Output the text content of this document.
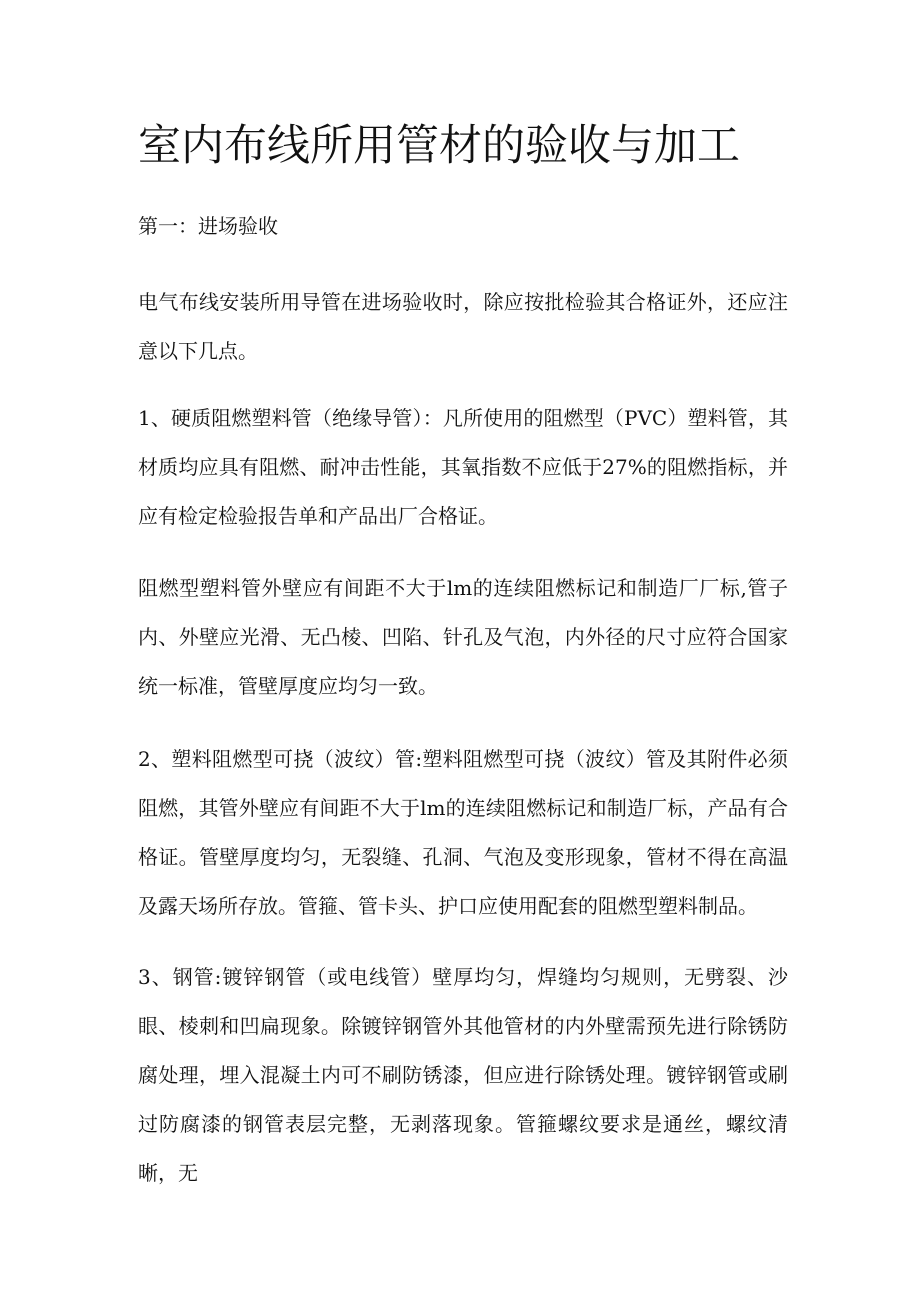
室内布线所用管材的验收与加工

第一：进场验收

电气布线安装所用导管在进场验收时，除应按批检验其合格证外，还应注意以下几点。

1、硬质阻燃塑料管（绝缘导管）：凡所使用的阻燃型（PVC）塑料管，其材质均应具有阻燃、耐冲击性能，其氧指数不应低于27%的阻燃指标，并应有检定检验报告单和产品出厂合格证。

阻燃型塑料管外壁应有间距不大于lm的连续阻燃标记和制造厂厂标,管子内、外壁应光滑、无凸棱、凹陷、针孔及气泡，内外径的尺寸应符合国家统一标准，管壁厚度应均匀一致。

2、塑料阻燃型可挠（波纹）管:塑料阻燃型可挠（波纹）管及其附件必须阻燃，其管外壁应有间距不大于lm的连续阻燃标记和制造厂标，产品有合格证。管壁厚度均匀，无裂缝、孔洞、气泡及变形现象，管材不得在高温及露天场所存放。管箍、管卡头、护口应使用配套的阻燃型塑料制品。

3、钢管:镀锌钢管（或电线管）壁厚均匀，焊缝均匀规则，无劈裂、沙眼、棱刺和凹扁现象。除镀锌钢管外其他管材的内外壁需预先进行除锈防腐处理，埋入混凝土内可不刷防锈漆，但应进行除锈处理。镀锌钢管或刷过防腐漆的钢管表层完整，无剥落现象。管箍螺纹要求是通丝，螺纹清晰，无
